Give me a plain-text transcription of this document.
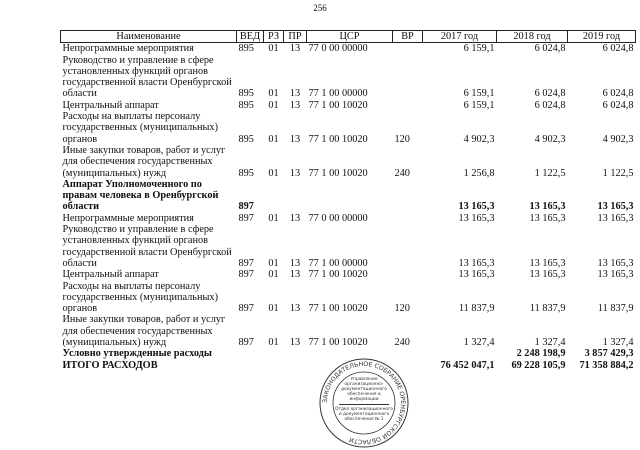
256
Наименование	ВЕД	РЗ	ПР	ЦСР	ВР	2017 год	2018 год	2019 год
Непрограммные мероприятия	895	01	13	77 0 00 00000		6 159,1	6 024,8	6 024,8
Руководство и управление в сфере установленных функций органов государственной власти Оренбургской области	895	01	13	77 1 00 00000		6 159,1	6 024,8	6 024,8
Центральный аппарат	895	01	13	77 1 00 10020		6 159,1	6 024,8	6 024,8
Расходы на выплаты персоналу государственных (муниципальных) органов	895	01	13	77 1 00 10020	120	4 902,3	4 902,3	4 902,3
Иные закупки товаров, работ и услуг для обеспечения государственных (муниципальных) нужд	895	01	13	77 1 00 10020	240	1 256,8	1 122,5	1 122,5
Аппарат Уполномоченного по правам человека в Оренбургской области	897					13 165,3	13 165,3	13 165,3
Непрограммные мероприятия	897	01	13	77 0 00 00000		13 165,3	13 165,3	13 165,3
Руководство и управление в сфере установленных функций органов государственной власти Оренбургской области	897	01	13	77 1 00 00000		13 165,3	13 165,3	13 165,3
Центральный аппарат	897	01	13	77 1 00 10020		13 165,3	13 165,3	13 165,3
Расходы на выплаты персоналу государственных (муниципальных) органов	897	01	13	77 1 00 10020	120	11 837,9	11 837,9	11 837,9
Иные закупки товаров, работ и услуг для обеспечения государственных (муниципальных) нужд	897	01	13	77 1 00 10020	240	1 327,4	1 327,4	1 327,4
Условно утвержденные расходы							2 248 198,9	3 857 429,3
ИТОГО РАСХОДОВ						76 452 047,1	69 228 105,9	71 358 884,2
ЗАКОНОДАТЕЛЬНОЕ СОБРАНИЕ ОРЕНБУРГСКОЙ ОБЛАСТИ
Управление организационно-документационного обеспечения и информации
Отдел организационного и документационного обеспечения № 1
